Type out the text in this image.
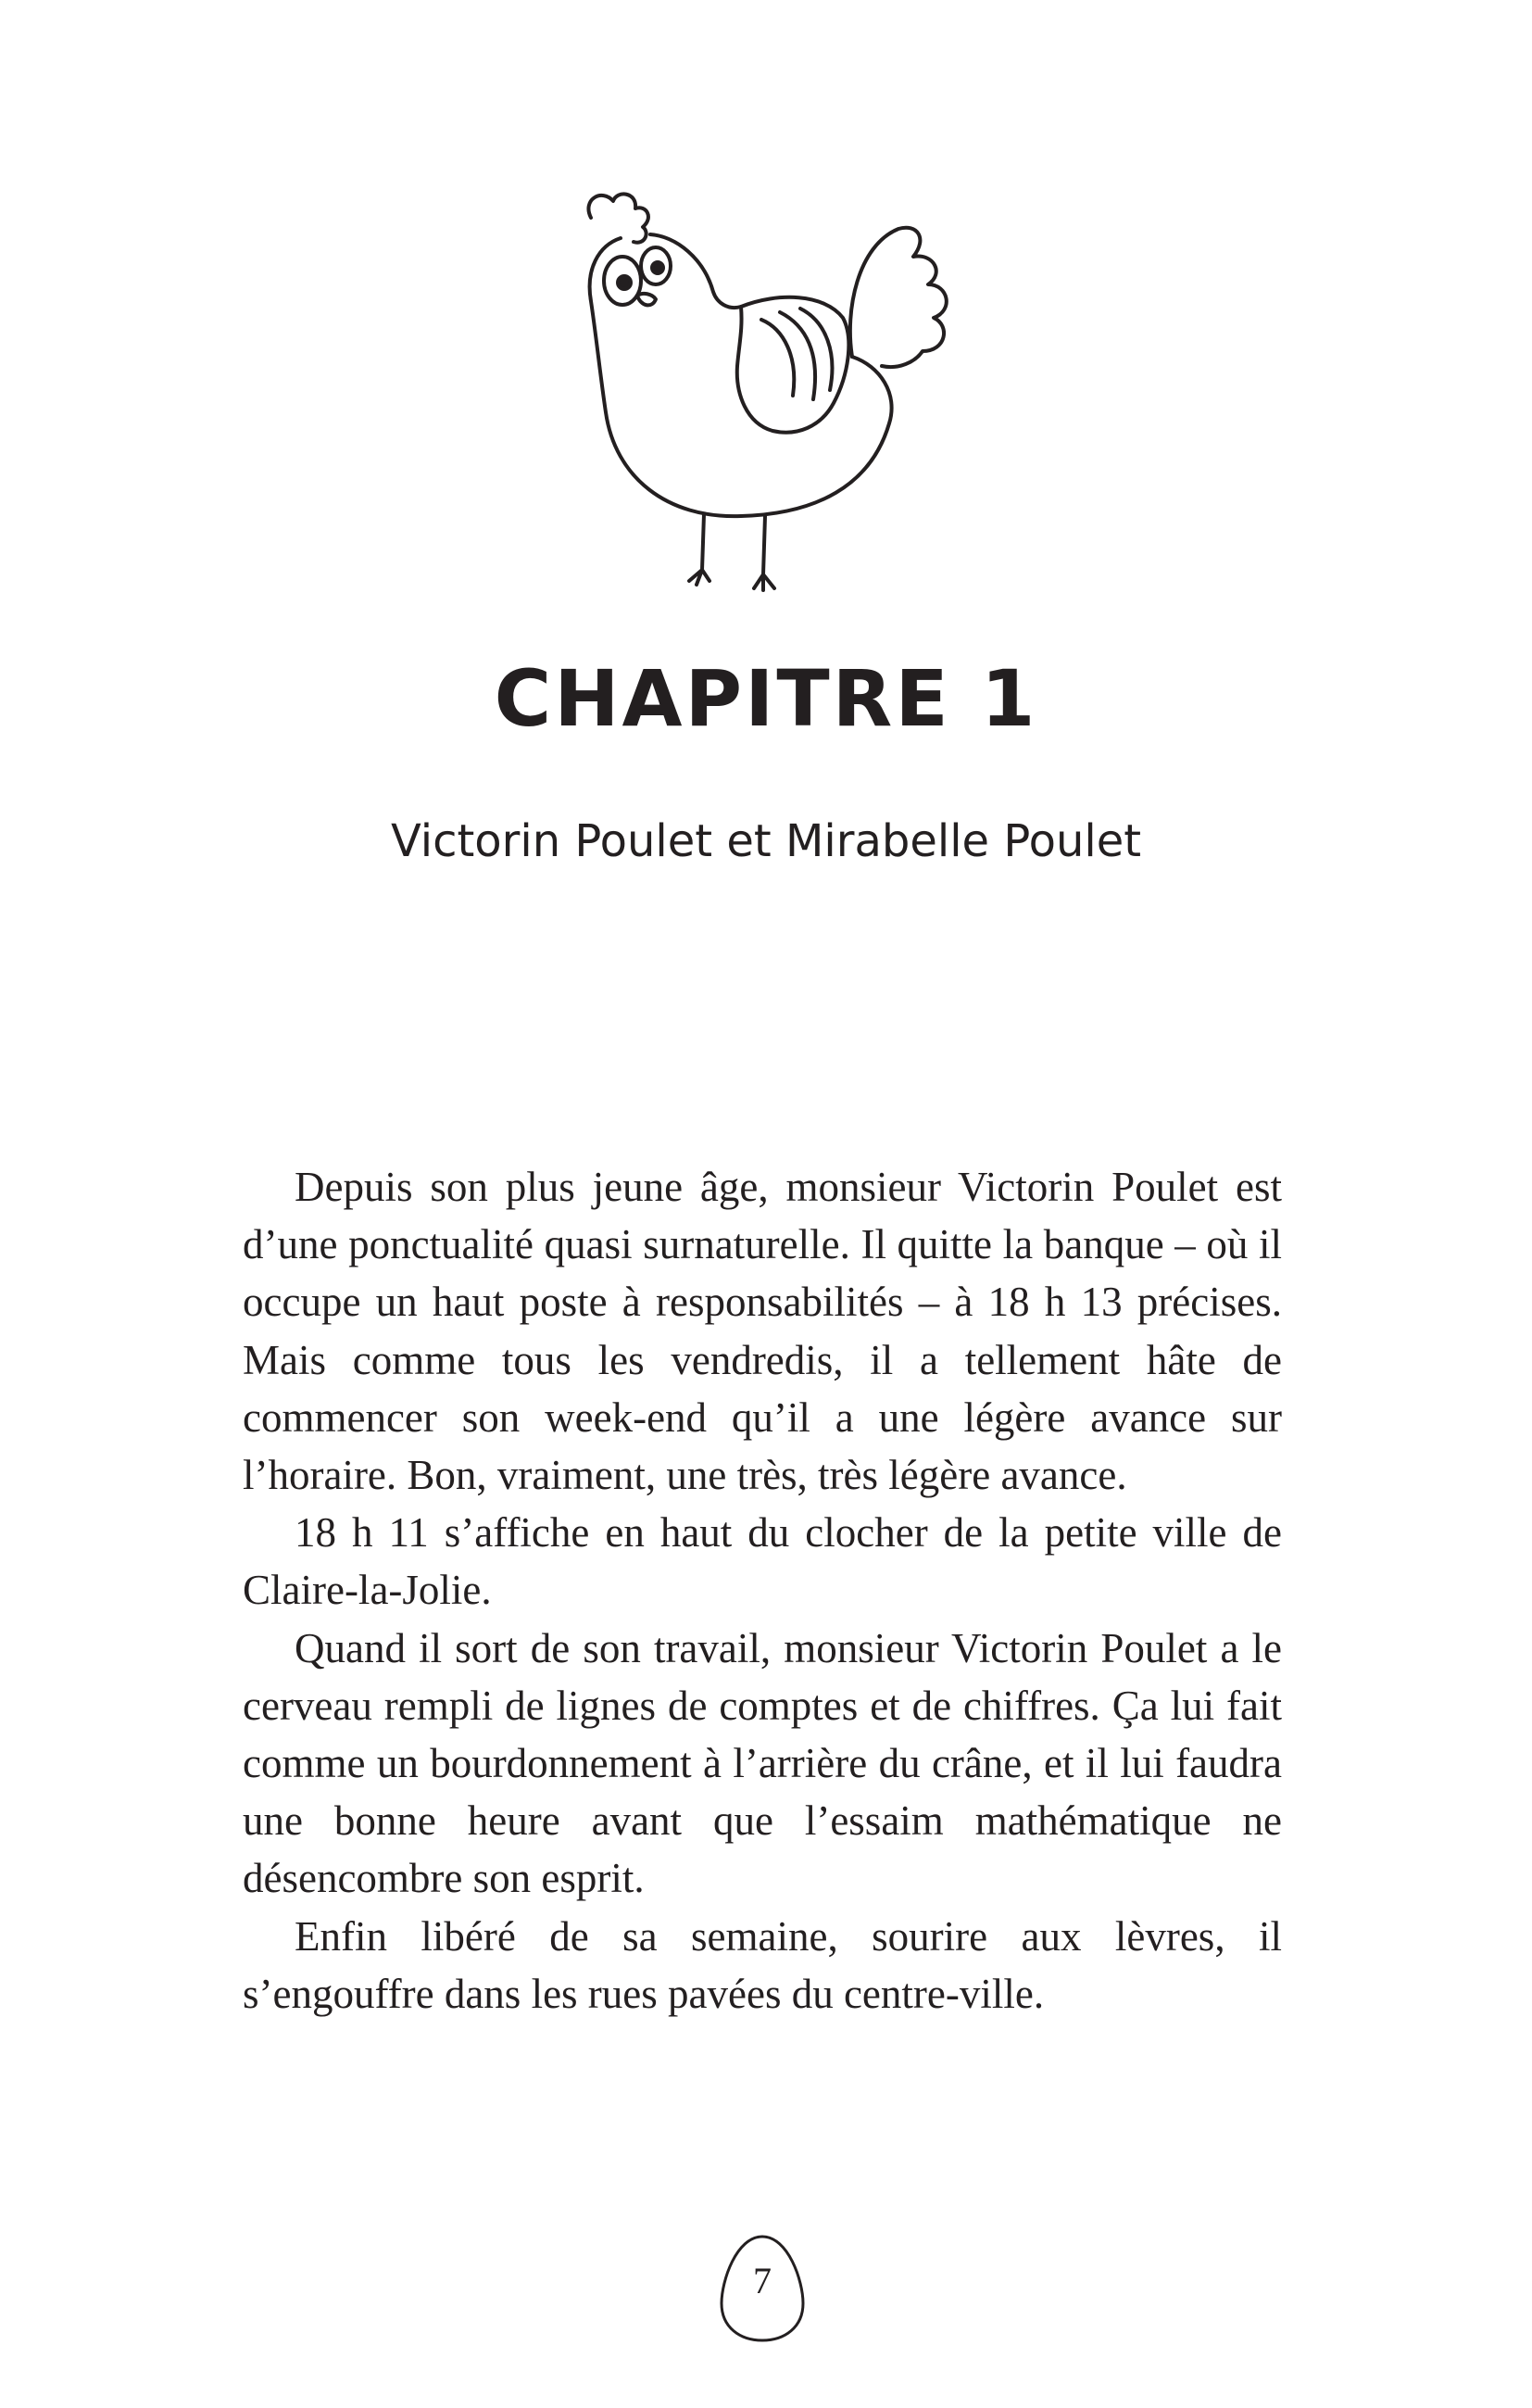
CHAPITRE 1
Victorin Poulet et Mirabelle Poulet

Depuis son plus jeune âge, monsieur Victorin Poulet est d’une ponctualité quasi surnaturelle. Il quitte la banque – où il occupe un haut poste à responsabilités – à 18 h 13 précises. Mais comme tous les vendredis, il a tellement hâte de commencer son week-end qu’il a une légère avance sur l’horaire. Bon, vraiment, une très, très légère avance.

18 h 11 s’affiche en haut du clocher de la petite ville de Claire-la-Jolie.

Quand il sort de son travail, monsieur Victorin Poulet a le cerveau rempli de lignes de comptes et de chiffres. Ça lui fait comme un bourdonnement à l’arrière du crâne, et il lui faudra une bonne heure avant que l’essaim mathématique ne désencombre son esprit.

Enfin libéré de sa semaine, sourire aux lèvres, il s’engouffre dans les rues pavées du centre-ville.

7
